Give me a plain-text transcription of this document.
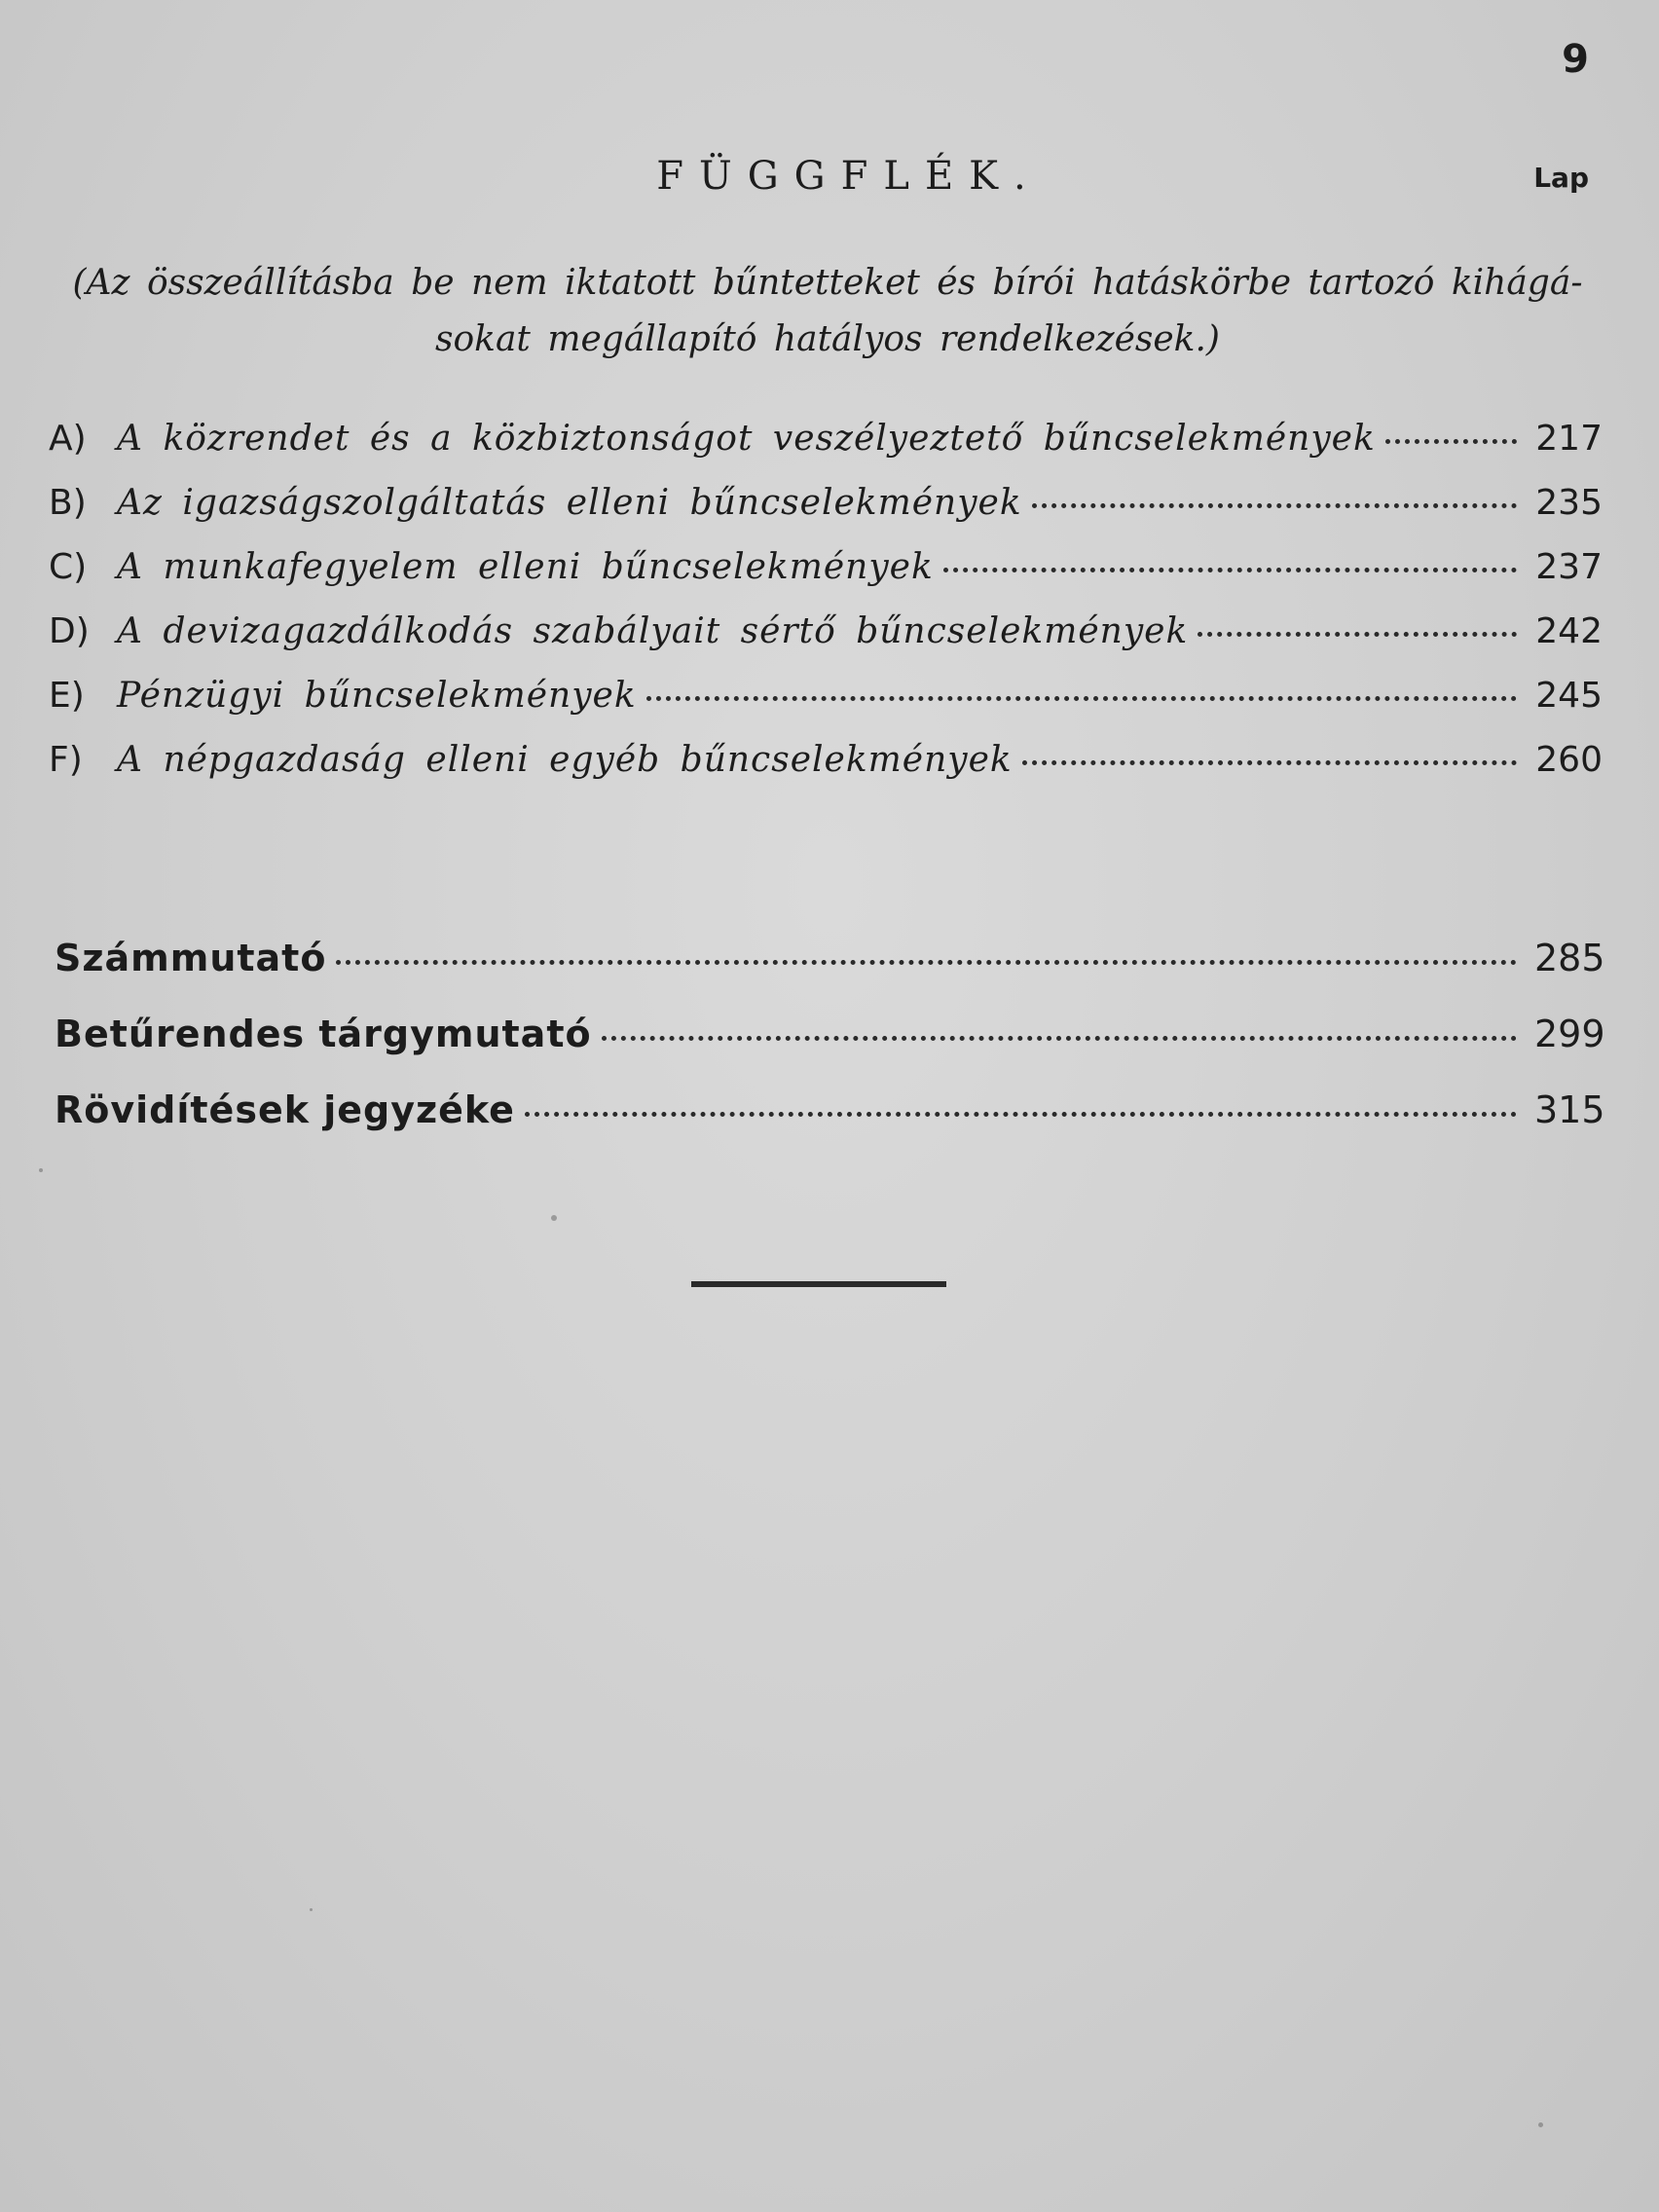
9
FÜGGFLÉK.	Lap
(Az összeállításba be nem iktatott bűntetteket és bírói hatáskörbe tartozó kihágá-
sokat megállapító hatályos rendelkezések.)
A) A közrendet és a közbiztonságot veszélyeztető bűncselekmények	217
B) Az igazságszolgáltatás elleni bűncselekmények	235
C) A munkafegyelem elleni bűncselekmények	237
D) A devizagazdálkodás szabályait sértő bűncselekmények	242
E) Pénzügyi bűncselekmények	245
F) A népgazdaság elleni egyéb bűncselekmények	260
Számmutató	285
Betűrendes tárgymutató	299
Rövidítések jegyzéke	315
